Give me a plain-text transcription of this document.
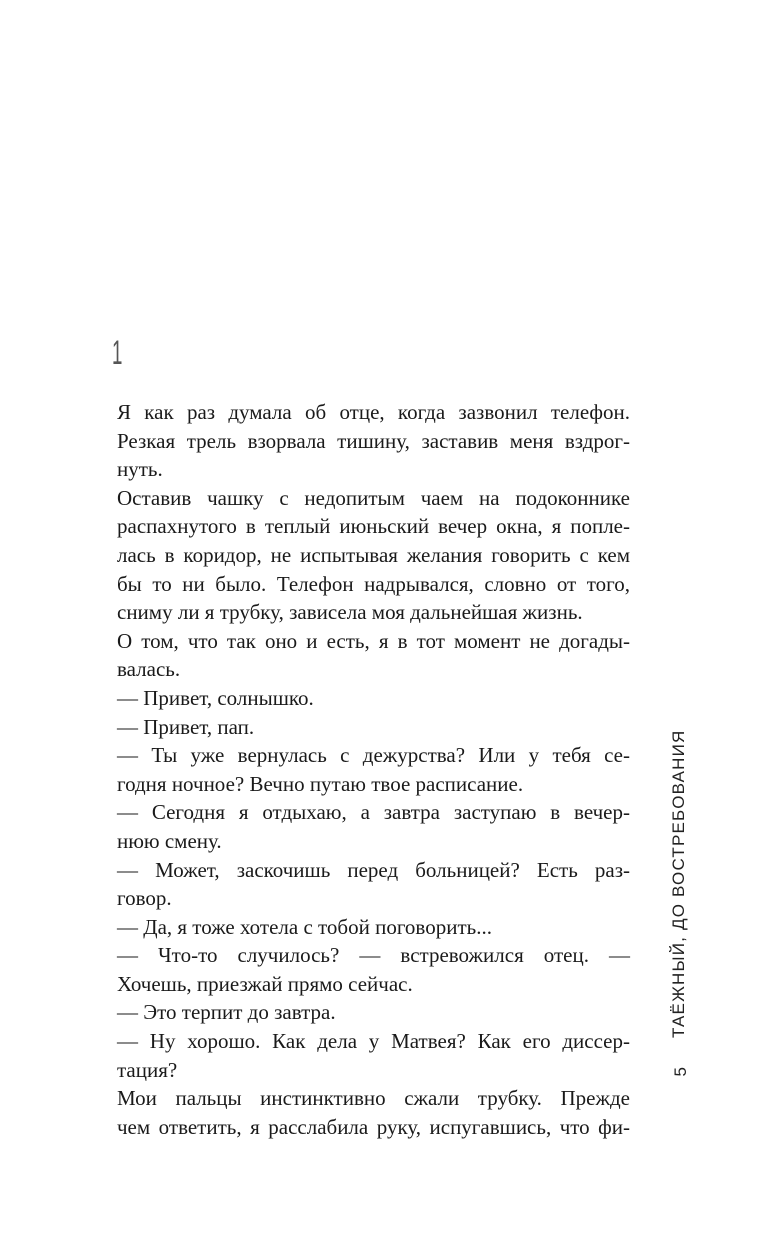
1
Я как раз думала об отце, когда зазвонил телефон.
Резкая трель взорвала тишину, заставив меня вздрог-
нуть.
Оставив чашку с недопитым чаем на подоконнике
распахнутого в теплый июньский вечер окна, я поплe-
лась в коридор, не испытывая желания говорить с кем
бы то ни было. Телефон надрывался, словно от того,
сниму ли я трубку, зависела моя дальнейшая жизнь.
О том, что так оно и есть, я в тот момент не догады-
валась.
— Привет, солнышко.
— Привет, пап.
— Ты уже вернулась с дежурства? Или у тебя се-
годня ночное? Вечно путаю твое расписание.
— Сегодня я отдыхаю, а завтра заступаю в вечер-
нюю смену.
— Может, заскочишь перед больницей? Есть раз-
говор.
— Да, я тоже хотела с тобой поговорить...
— Что-то случилось? — встревожился отец. —
Хочешь, приезжай прямо сейчас.
— Это терпит до завтра.
— Ну хорошо. Как дела у Матвея? Как его диссер-
тация?
Мои пальцы инстинктивно сжали трубку. Прежде
чем ответить, я расслабила руку, испугавшись, что фи-
ТАЁЖНЫЙ, ДО ВОСТРЕБОВАНИЯ
5
